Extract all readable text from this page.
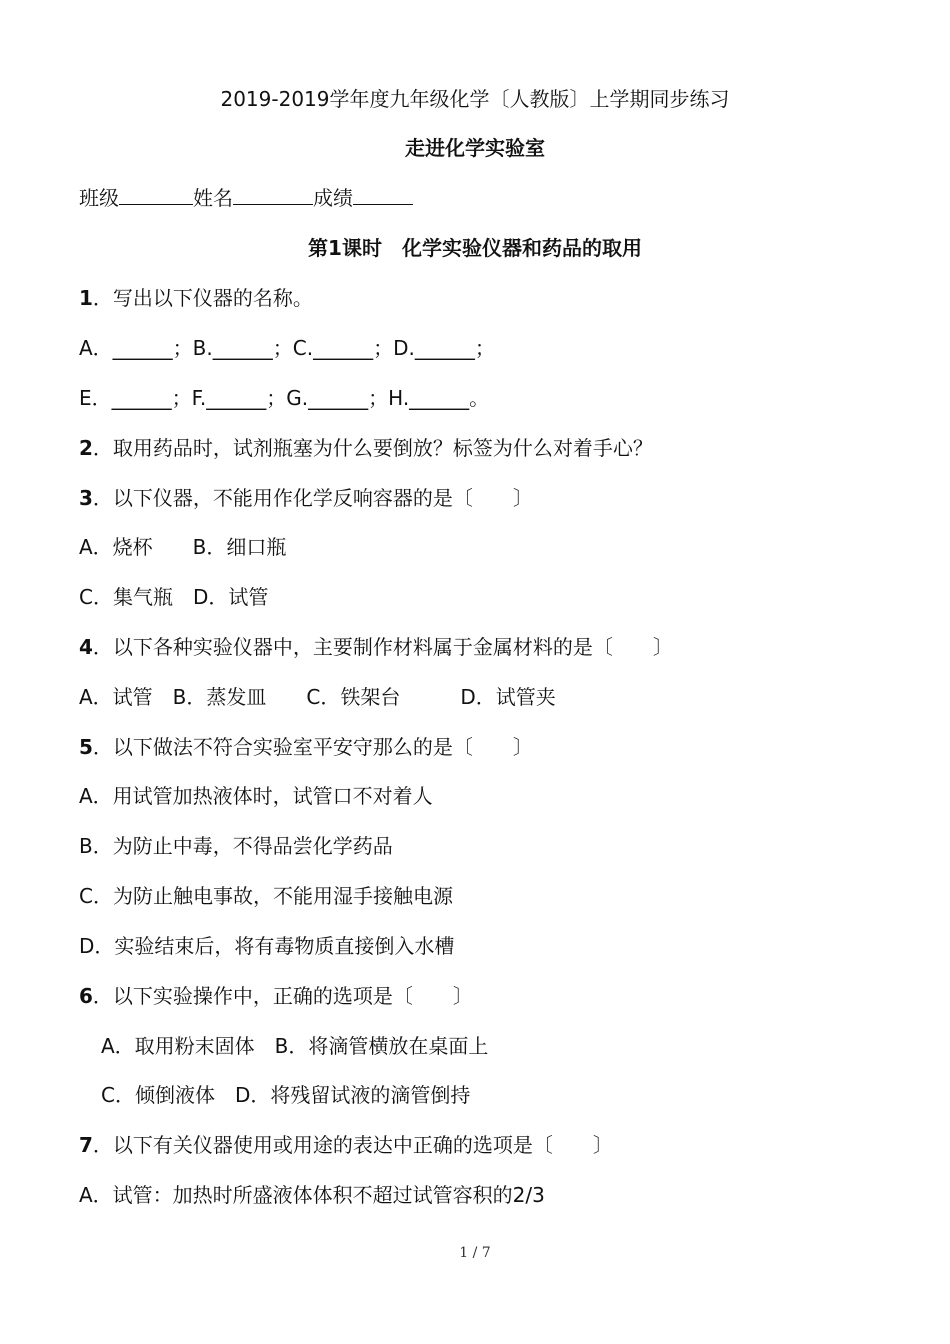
2019-2019学年度九年级化学〔人教版〕上学期同步练习
走进化学实验室
班级	姓名	成绩
第1课时　化学实验仪器和药品的取用
1．写出以下仪器的名称。
A．______；B.______；C.______；D.______；
E．______；F.______；G.______；H.______。
2．取用药品时，试剂瓶塞为什么要倒放？标签为什么对着手心？
3．以下仪器，不能用作化学反响容器的是〔　　〕
A．烧杯　　B．细口瓶
C．集气瓶　D．试管
4．以下各种实验仪器中，主要制作材料属于金属材料的是〔　　〕
A．试管　B．蒸发皿　　C．铁架台　　　D．试管夹
5．以下做法不符合实验室平安守那么的是〔　　〕
A．用试管加热液体时，试管口不对着人
B．为防止中毒，不得品尝化学药品
C．为防止触电事故，不能用湿手接触电源
D．实验结束后，将有毒物质直接倒入水槽
6．以下实验操作中，正确的选项是〔　　〕
A．取用粉末固体　B．将滴管横放在桌面上
C．倾倒液体　D．将残留试液的滴管倒持
7．以下有关仪器使用或用途的表达中正确的选项是〔　　〕
A．试管：加热时所盛液体体积不超过试管容积的2/3
1 / 7
